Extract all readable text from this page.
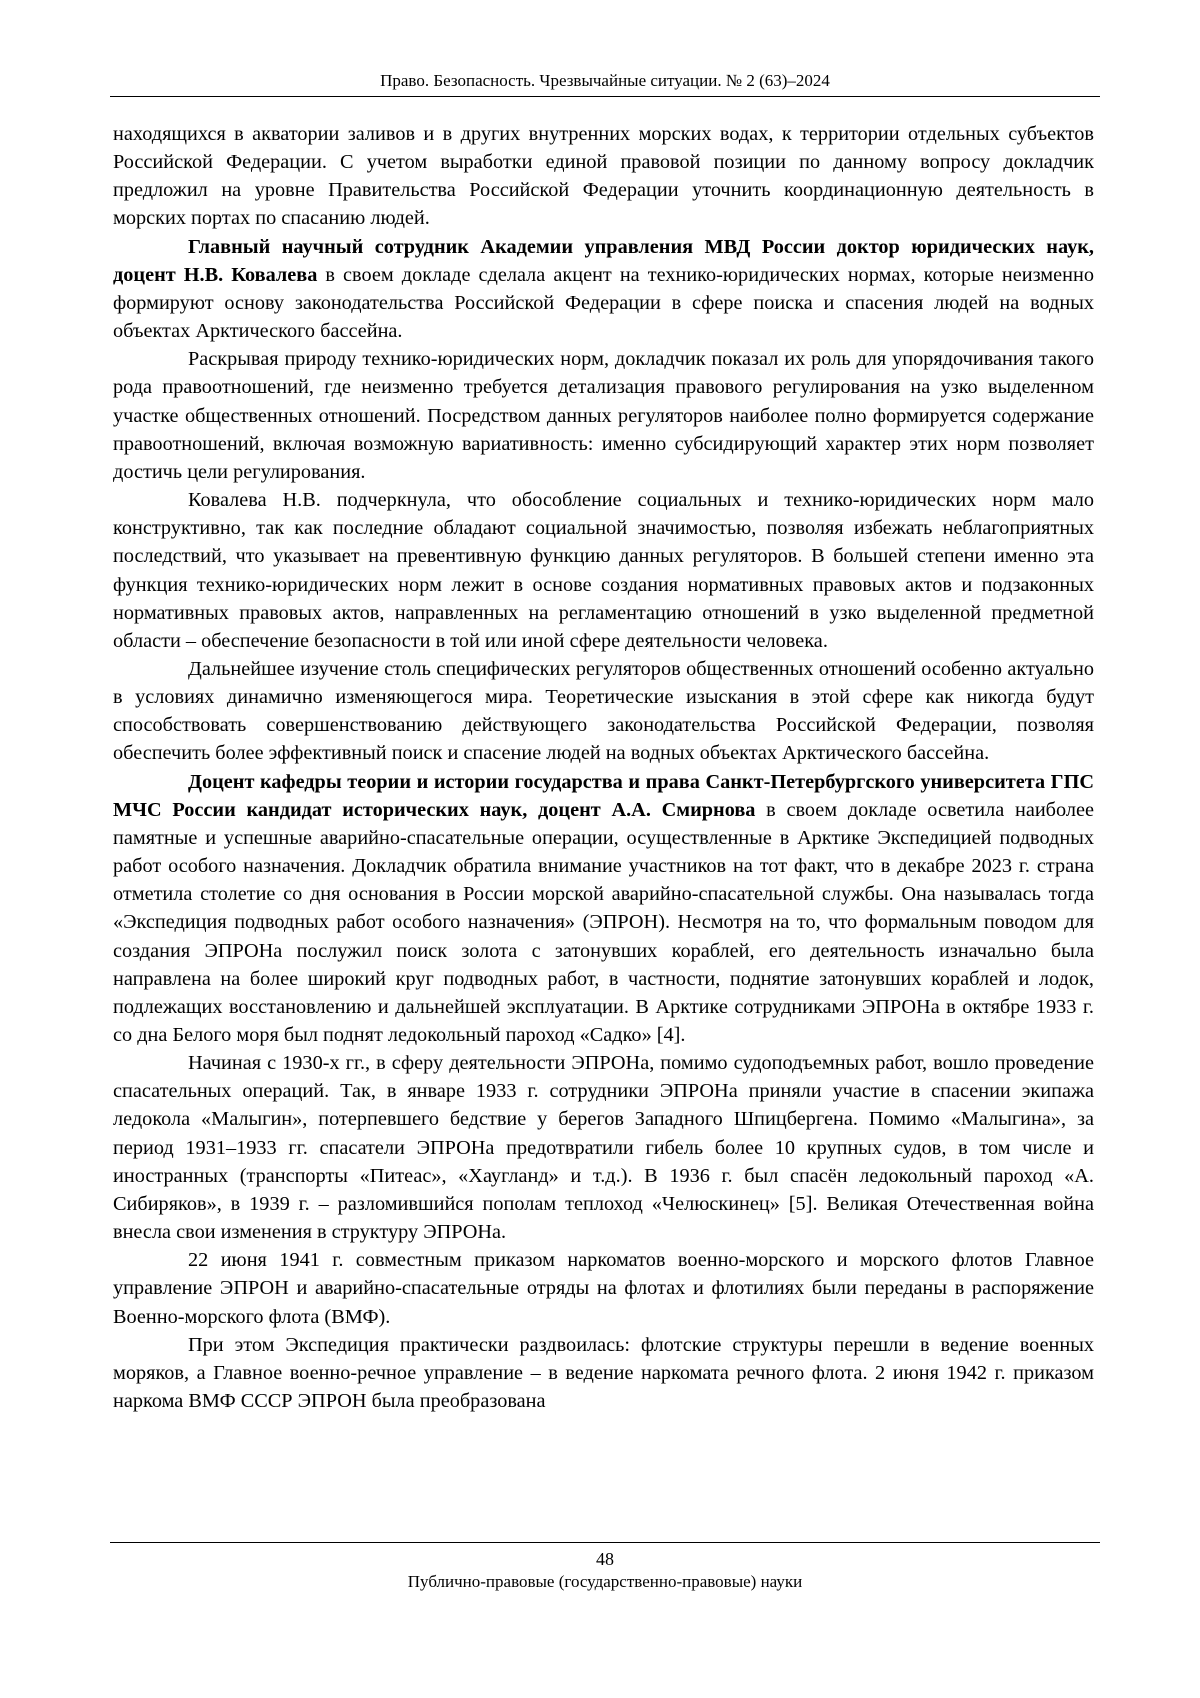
Право. Безопасность. Чрезвычайные ситуации. № 2 (63)–2024

находящихся в акватории заливов и в других внутренних морских водах, к территории отдельных субъектов Российской Федерации. С учетом выработки единой правовой позиции по данному вопросу докладчик предложил на уровне Правительства Российской Федерации уточнить координационную деятельность в морских портах по спасанию людей.

Главный научный сотрудник Академии управления МВД России доктор юридических наук, доцент Н.В. Ковалева в своем докладе сделала акцент на технико-юридических нормах, которые неизменно формируют основу законодательства Российской Федерации в сфере поиска и спасения людей на водных объектах Арктического бассейна.

Раскрывая природу технико-юридических норм, докладчик показал их роль для упорядочивания такого рода правоотношений, где неизменно требуется детализация правового регулирования на узко выделенном участке общественных отношений. Посредством данных регуляторов наиболее полно формируется содержание правоотношений, включая возможную вариативность: именно субсидирующий характер этих норм позволяет достичь цели регулирования.

Ковалева Н.В. подчеркнула, что обособление социальных и технико-юридических норм мало конструктивно, так как последние обладают социальной значимостью, позволяя избежать неблагоприятных последствий, что указывает на превентивную функцию данных регуляторов. В большей степени именно эта функция технико-юридических норм лежит в основе создания нормативных правовых актов и подзаконных нормативных правовых актов, направленных на регламентацию отношений в узко выделенной предметной области – обеспечение безопасности в той или иной сфере деятельности человека.

Дальнейшее изучение столь специфических регуляторов общественных отношений особенно актуально в условиях динамично изменяющегося мира. Теоретические изыскания в этой сфере как никогда будут способствовать совершенствованию действующего законодательства Российской Федерации, позволяя обеспечить более эффективный поиск и спасение людей на водных объектах Арктического бассейна.

Доцент кафедры теории и истории государства и права Санкт-Петербургского университета ГПС МЧС России кандидат исторических наук, доцент А.А. Смирнова в своем докладе осветила наиболее памятные и успешные аварийно-спасательные операции, осуществленные в Арктике Экспедицией подводных работ особого назначения. Докладчик обратила внимание участников на тот факт, что в декабре 2023 г. страна отметила столетие со дня основания в России морской аварийно-спасательной службы. Она называлась тогда «Экспедиция подводных работ особого назначения» (ЭПРОН). Несмотря на то, что формальным поводом для создания ЭПРОНа послужил поиск золота с затонувших кораблей, его деятельность изначально была направлена на более широкий круг подводных работ, в частности, поднятие затонувших кораблей и лодок, подлежащих восстановлению и дальнейшей эксплуатации. В Арктике сотрудниками ЭПРОНа в октябре 1933 г. со дна Белого моря был поднят ледокольный пароход «Садко» [4].

Начиная с 1930-х гг., в сферу деятельности ЭПРОНа, помимо судоподъемных работ, вошло проведение спасательных операций. Так, в январе 1933 г. сотрудники ЭПРОНа приняли участие в спасении экипажа ледокола «Малыгин», потерпевшего бедствие у берегов Западного Шпицбергена. Помимо «Малыгина», за период 1931–1933 гг. спасатели ЭПРОНа предотвратили гибель более 10 крупных судов, в том числе и иностранных (транспорты «Питеас», «Хаугланд» и т.д.). В 1936 г. был спасён ледокольный пароход «А. Сибиряков», в 1939 г. – разломившийся пополам теплоход «Челюскинец» [5]. Великая Отечественная война внесла свои изменения в структуру ЭПРОНа.

22 июня 1941 г. совместным приказом наркоматов военно-морского и морского флотов Главное управление ЭПРОН и аварийно-спасательные отряды на флотах и флотилиях были переданы в распоряжение Военно-морского флота (ВМФ).

При этом Экспедиция практически раздвоилась: флотские структуры перешли в ведение военных моряков, а Главное военно-речное управление – в ведение наркомата речного флота. 2 июня 1942 г. приказом наркома ВМФ СССР ЭПРОН была преобразована

48
Публично-правовые (государственно-правовые) науки
